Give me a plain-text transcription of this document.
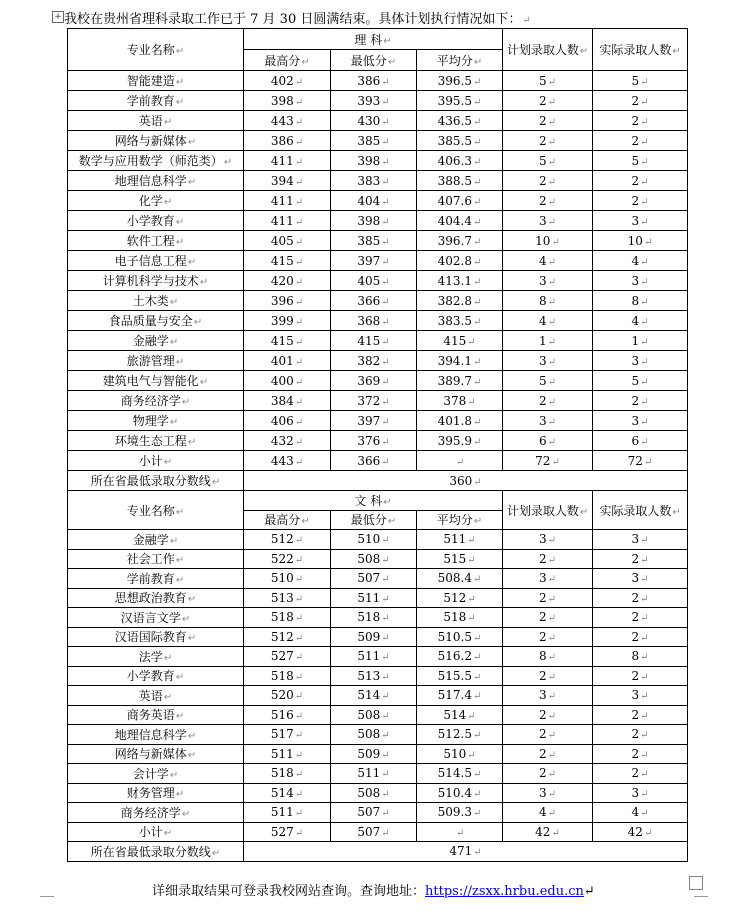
+ 我校在贵州省理科录取工作已于 7 月 30 日圆满结束。具体计划执行情况如下：↵
专业名称↵	理 科↵			计划录取人数↵	实际录取人数↵
	最高分↵	最低分↵	平均分↵		
智能建造↵	402↵	386↵	396.5↵	5↵	5↵
学前教育↵	398↵	393↵	395.5↵	2↵	2↵
英语↵	443↵	430↵	436.5↵	2↵	2↵
网络与新媒体↵	386↵	385↵	385.5↵	2↵	2↵
数学与应用数学（师范类）↵	411↵	398↵	406.3↵	5↵	5↵
地理信息科学↵	394↵	383↵	388.5↵	2↵	2↵
化学↵	411↵	404↵	407.6↵	2↵	2↵
小学教育↵	411↵	398↵	404.4↵	3↵	3↵
软件工程↵	405↵	385↵	396.7↵	10↵	10↵
电子信息工程↵	415↵	397↵	402.8↵	4↵	4↵
计算机科学与技术↵	420↵	405↵	413.1↵	3↵	3↵
土木类↵	396↵	366↵	382.8↵	8↵	8↵
食品质量与安全↵	399↵	368↵	383.5↵	4↵	4↵
金融学↵	415↵	415↵	415↵	1↵	1↵
旅游管理↵	401↵	382↵	394.1↵	3↵	3↵
建筑电气与智能化↵	400↵	369↵	389.7↵	5↵	5↵
商务经济学↵	384↵	372↵	378↵	2↵	2↵
物理学↵	406↵	397↵	401.8↵	3↵	3↵
环境生态工程↵	432↵	376↵	395.9↵	6↵	6↵
小计↵	443↵	366↵	↵	72↵	72↵
所在省最低录取分数线↵	360↵				
专业名称↵	文 科↵			计划录取人数↵	实际录取人数↵
	最高分↵	最低分↵	平均分↵		
金融学↵	512↵	510↵	511↵	3↵	3↵
社会工作↵	522↵	508↵	515↵	2↵	2↵
学前教育↵	510↵	507↵	508.4↵	3↵	3↵
思想政治教育↵	513↵	511↵	512↵	2↵	2↵
汉语言文学↵	518↵	518↵	518↵	2↵	2↵
汉语国际教育↵	512↵	509↵	510.5↵	2↵	2↵
法学↵	527↵	511↵	516.2↵	8↵	8↵
小学教育↵	518↵	513↵	515.5↵	2↵	2↵
英语↵	520↵	514↵	517.4↵	3↵	3↵
商务英语↵	516↵	508↵	514↵	2↵	2↵
地理信息科学↵	517↵	508↵	512.5↵	2↵	2↵
网络与新媒体↵	511↵	509↵	510↵	2↵	2↵
会计学↵	518↵	511↵	514.5↵	2↵	2↵
财务管理↵	514↵	508↵	510.4↵	3↵	3↵
商务经济学↵	511↵	507↵	509.3↵	4↵	4↵
小计↵	527↵	507↵	↵	42↵	42↵
所在省最低录取分数线↵	471↵				
详细录取结果可登录我校网站查询。查询地址：https://zsxx.hrbu.edu.cn↵
